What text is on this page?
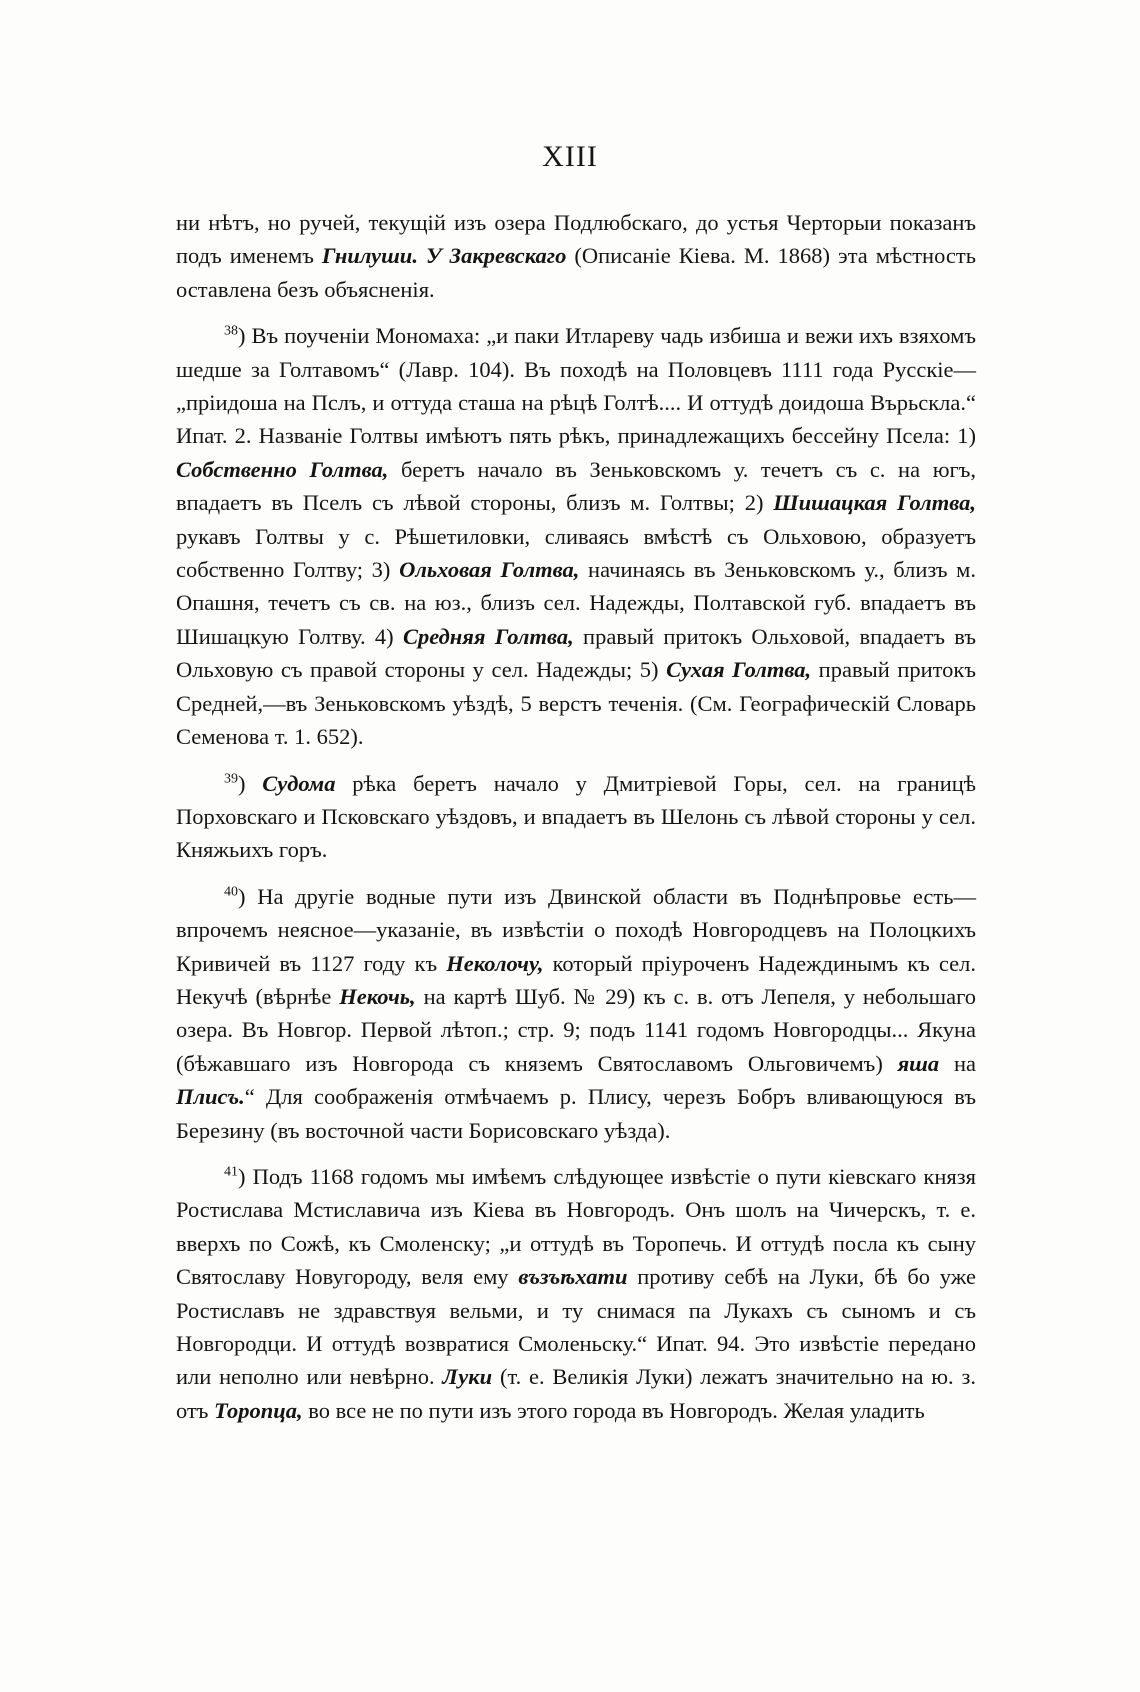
XIII

ни нѣтъ, но ручей, текущій изъ озера Подлюбскаго, до устья Черторыи показанъ подъ именемъ Гнилуши. У Закревскаго (Описаніе Кіева. М. 1868) эта мѣстность оставлена безъ объясненія.

$^{38}$) Въ поученіи Мономаха: „и паки Итлареву чадь избиша и вежи ихъ взяхомъ шедше за Голтавомъ“ (Лавр. 104). Въ походѣ на Половцевъ 1111 года Русскіе—„пріидоша на Пслъ, и оттуда сташа на рѣцѣ Голтѣ.... И оттудѣ доидоша Върьскла.“ Ипат. 2. Названіе Голтвы имѣютъ пять рѣкъ, принадлежащихъ бессейну Псела: 1) Собственно Голтва, беретъ начало въ Зеньковскомъ у. течетъ съ с. на югъ, впадаетъ въ Пселъ съ лѣвой стороны, близъ м. Голтвы; 2) Шишацкая Голтва, рукавъ Голтвы у с. Рѣшетиловки, сливаясь вмѣстѣ съ Ольховою, образуетъ собственно Голтву; 3) Ольховая Голтва, начинаясь въ Зеньковскомъ у., близъ м. Опашня, течетъ съ св. на юз., близъ сел. Надежды, Полтавской губ. впадаетъ въ Шишацкую Голтву. 4) Средняя Голтва, правый притокъ Ольховой, впадаетъ въ Ольховую съ правой стороны у сел. Надежды; 5) Сухая Голтва, правый притокъ Средней,—въ Зеньковскомъ уѣздѣ, 5 верстъ теченія. (См. Географическій Словарь Семенова т. 1. 652).

$^{39}$) Судома рѣка беретъ начало у Дмитріевой Горы, сел. на границѣ Порховскаго и Псковскаго уѣздовъ, и впадаетъ въ Шелонь съ лѣвой стороны у сел. Княжьихъ горъ.

$^{40}$) На другіе водные пути изъ Двинской области въ Поднѣпровье есть—впрочемъ неясное—указаніе, въ извѣстіи о походѣ Новгородцевъ на Полоцкихъ Кривичей въ 1127 году къ Неколочу, который пріуроченъ Надеждинымъ къ сел. Некучѣ (вѣрнѣе Некочь, на картѣ Шуб. № 29) къ с. в. отъ Лепеля, у небольшаго озера. Въ Новгор. Первой лѣтоп.; стр. 9; подъ 1141 годомъ Новгородцы... Якуна (бѣжавшаго изъ Новгорода съ княземъ Святославомъ Ольговичемъ) яша на Плисъ.“ Для соображенія отмѣчаемъ р. Плису, черезъ Бобръ вливающуюся въ Березину (въ восточной части Борисовскаго уѣзда).

$^{41}$) Подъ 1168 годомъ мы имѣемъ слѣдующее извѣстіе о пути кіевскаго князя Ростислава Мстиславича изъ Кіева въ Новгородъ. Онъ шолъ на Чичерскъ, т. е. вверхъ по Сожѣ, къ Смоленску; „и оттудѣ въ Торопечь. И оттудѣ посла къ сыну Святославу Новугороду, веля ему възъѣхати противу себѣ на Луки, бѣ бо уже Ростиславъ не здравствуя вельми, и ту снимася па Лукахъ съ сыномъ и съ Новгородци. И оттудѣ возвратися Смоленьску.“ Ипат. 94. Это извѣстіе передано или неполно или невѣрно. Луки (т. е. Великія Луки) лежатъ значительно на ю. з. отъ Торопца, во все не по пути изъ этого города въ Новгородъ. Желая уладить
